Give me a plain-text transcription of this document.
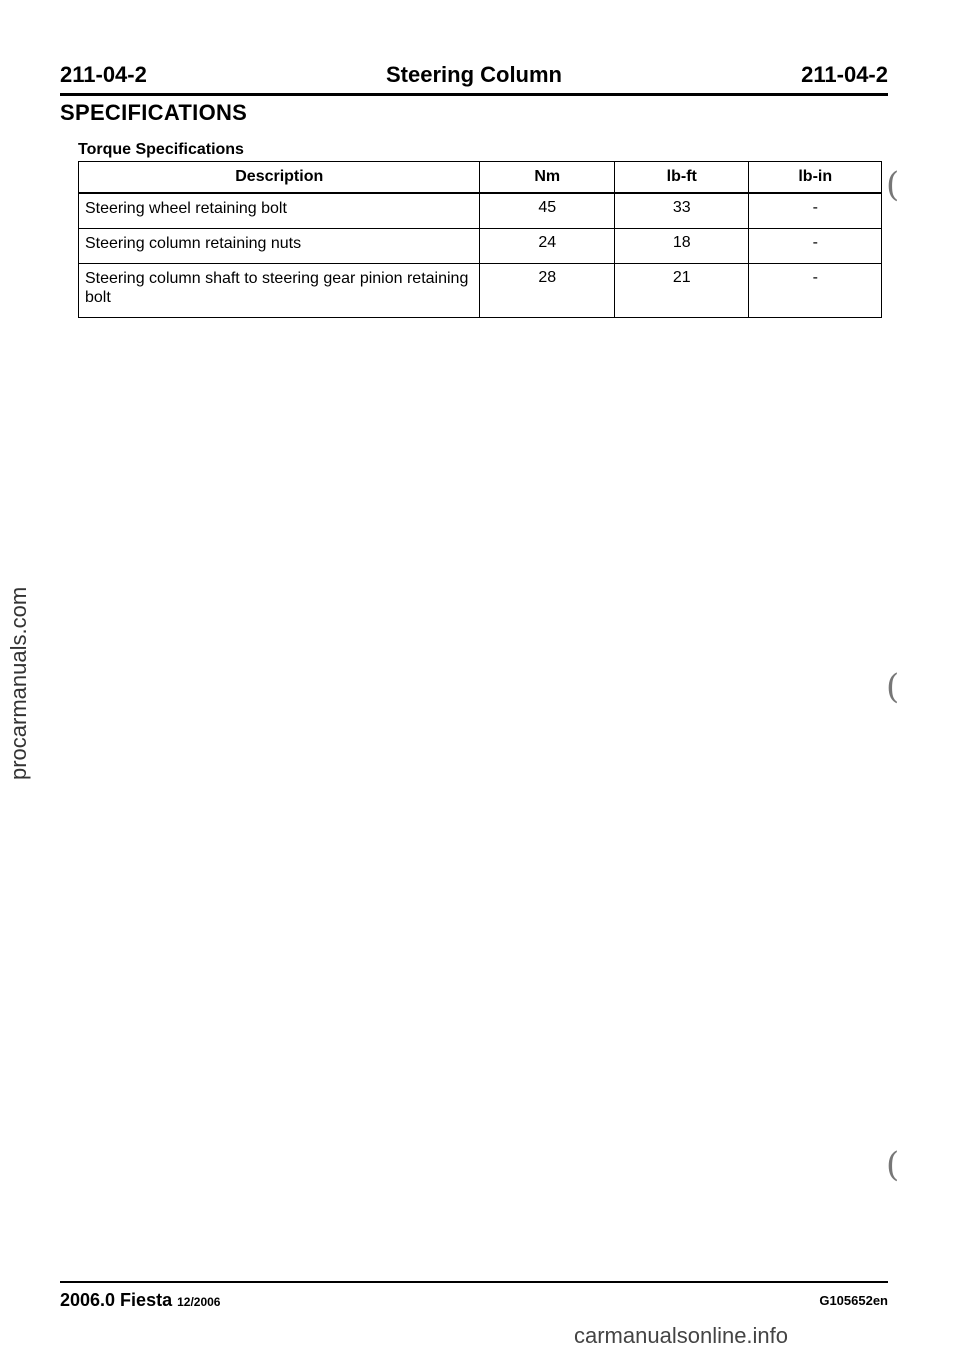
211-04-2	Steering Column	211-04-2
SPECIFICATIONS
Torque Specifications
Description	Nm	lb-ft	lb-in
Steering wheel retaining bolt	45	33	-
Steering column retaining nuts	24	18	-
Steering column shaft to steering gear pinion retaining bolt	28	21	-
procarmanuals.com
(
(
(
2006.0 Fiesta 12/2006	G105652en
carmanualsonline.info
